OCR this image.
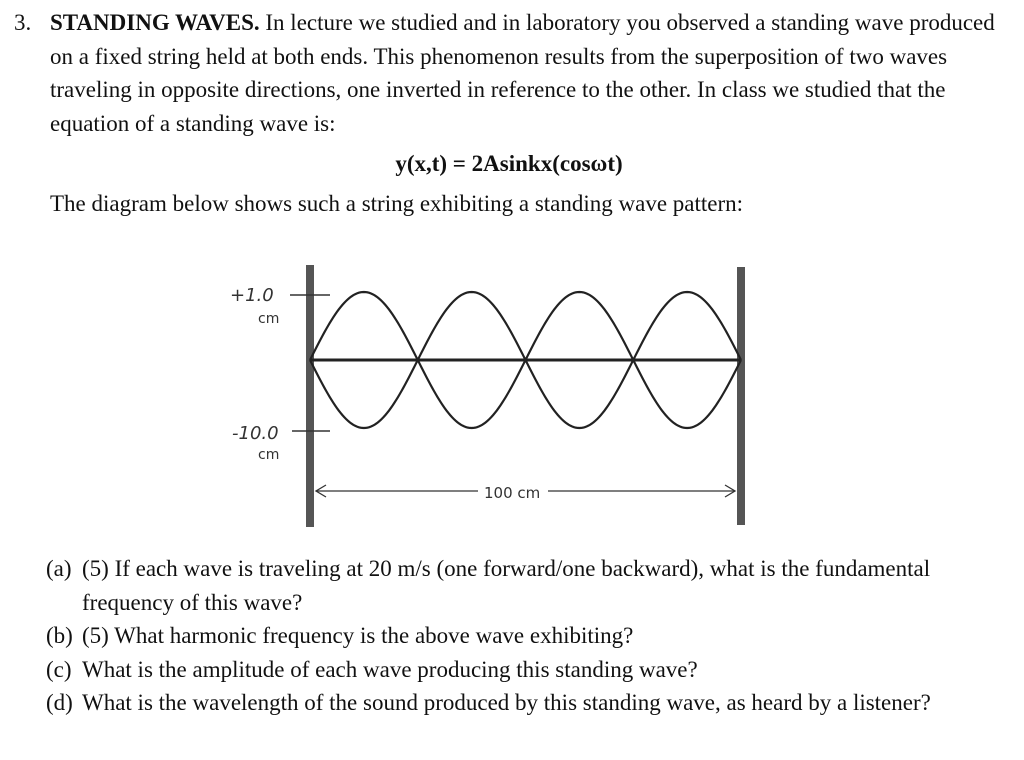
3. STANDING WAVES. In lecture we studied and in laboratory you observed a standing wave produced on a fixed string held at both ends. This phenomenon results from the superposition of two waves traveling in opposite directions, one inverted in reference to the other. In class we studied that the equation of a standing wave is:

y(x,t) = 2Asinkx(cosωt)

The diagram below shows such a string exhibiting a standing wave pattern:

+1.0
cm
-10.0
cm
100 cm

(a) (5) If each wave is traveling at 20 m/s (one forward/one backward), what is the fundamental frequency of this wave?

(b) (5) What harmonic frequency is the above wave exhibiting?

(c) What is the amplitude of each wave producing this standing wave?

(d) What is the wavelength of the sound produced by this standing wave, as heard by a listener?
